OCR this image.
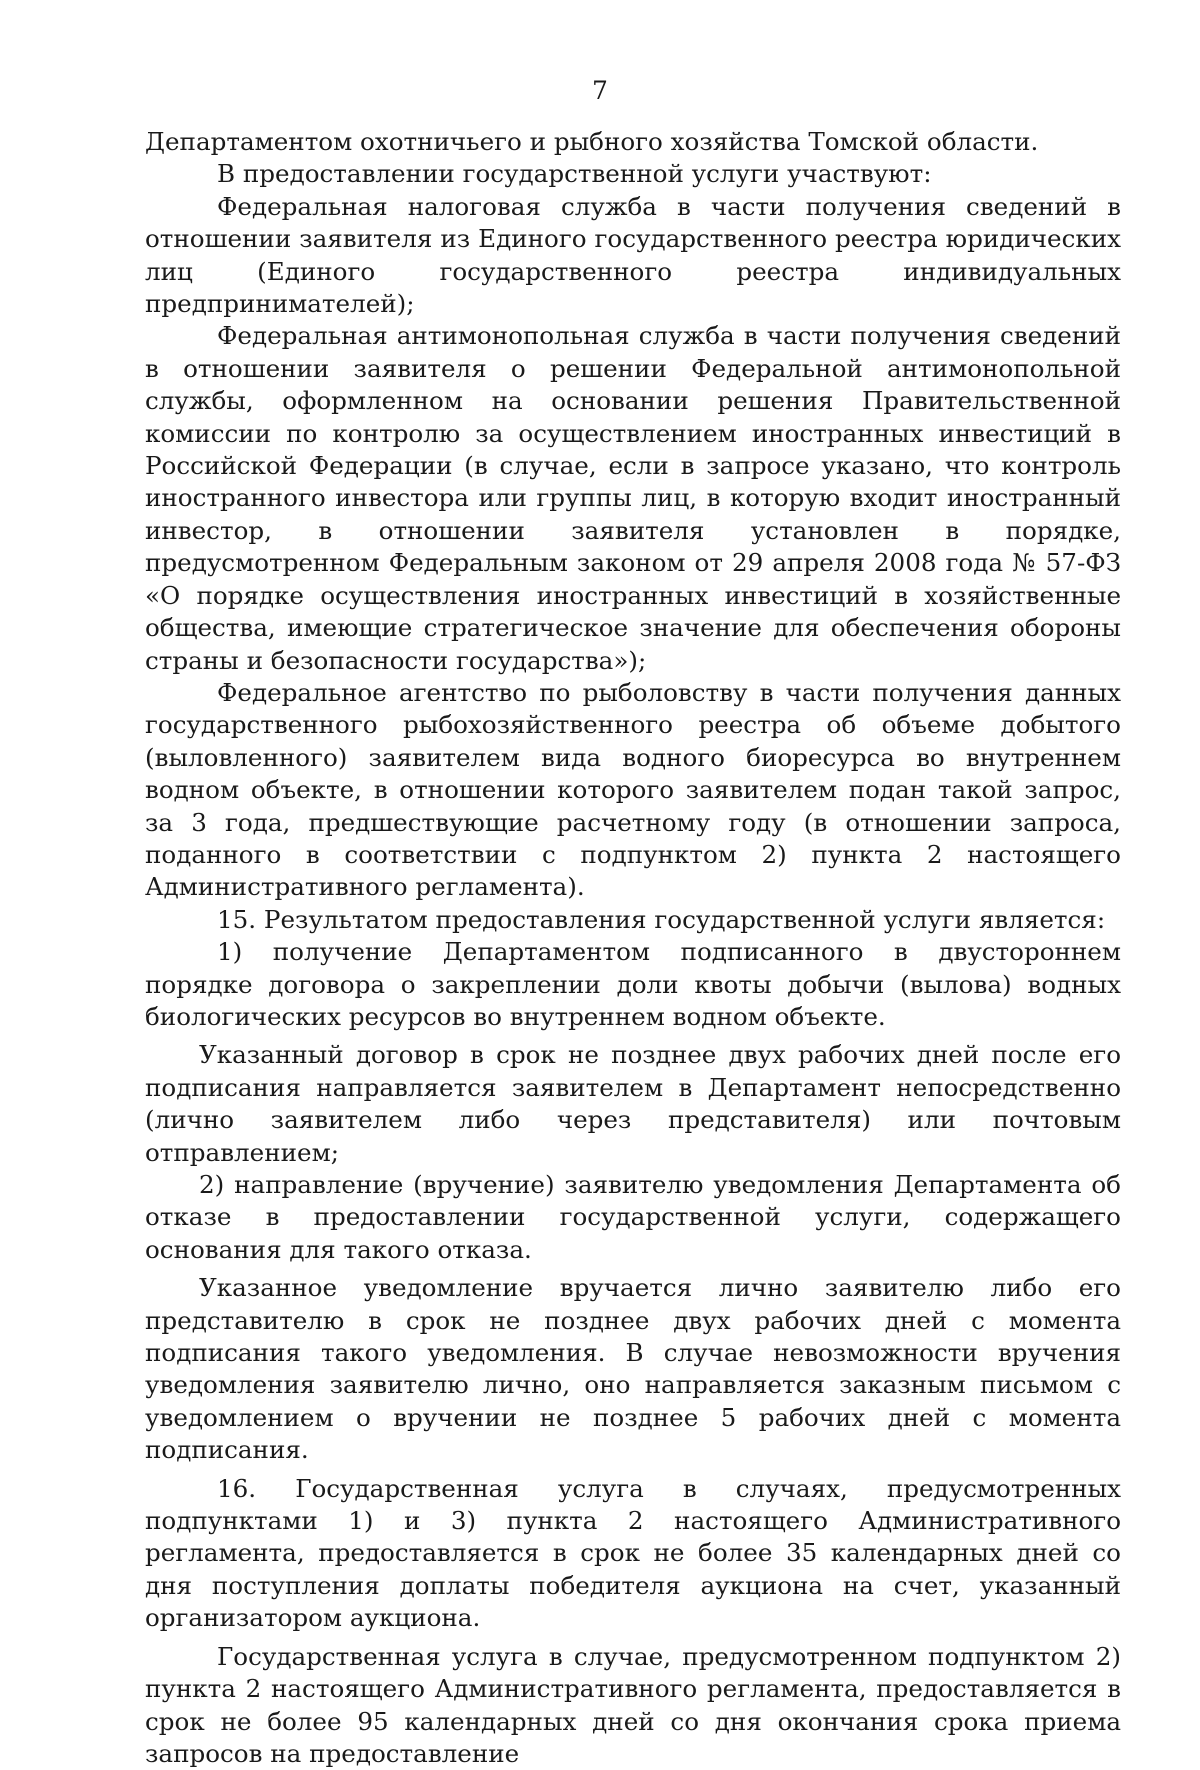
7

Департаментом охотничьего и рыбного хозяйства Томской области.

В предоставлении государственной услуги участвуют:

Федеральная налоговая служба в части получения сведений в отношении заявителя из Единого государственного реестра юридических лиц (Единого государственного реестра индивидуальных предпринимателей);

Федеральная антимонопольная служба в части получения сведений в отношении заявителя о решении Федеральной антимонопольной службы, оформленном на основании решения Правительственной комиссии по контролю за осуществлением иностранных инвестиций в Российской Федерации (в случае, если в запросе указано, что контроль иностранного инвестора или группы лиц, в которую входит иностранный инвестор, в отношении заявителя установлен в порядке, предусмотренном Федеральным законом от 29 апреля 2008 года № 57-ФЗ «О порядке осуществления иностранных инвестиций в хозяйственные общества, имеющие стратегическое значение для обеспечения обороны страны и безопасности государства»);

Федеральное агентство по рыболовству в части получения данных государственного рыбохозяйственного реестра об объеме добытого (выловленного) заявителем вида водного биоресурса во внутреннем водном объекте, в отношении которого заявителем подан такой запрос, за 3 года, предшествующие расчетному году (в отношении запроса, поданного в соответствии с подпунктом 2) пункта 2 настоящего Административного регламента).

15. Результатом предоставления государственной услуги является:

1) получение Департаментом подписанного в двустороннем порядке договора о закреплении доли квоты добычи (вылова) водных биологических ресурсов во внутреннем водном объекте.

Указанный договор в срок не позднее двух рабочих дней после его подписания направляется заявителем в Департамент непосредственно (лично заявителем либо через представителя) или почтовым отправлением;

2) направление (вручение) заявителю уведомления Департамента об отказе в предоставлении государственной услуги, содержащего основания для такого отказа.

Указанное уведомление вручается лично заявителю либо его представителю в срок не позднее двух рабочих дней с момента подписания такого уведомления. В случае невозможности вручения уведомления заявителю лично, оно направляется заказным письмом с уведомлением о вручении не позднее 5 рабочих дней с момента подписания.

16. Государственная услуга в случаях, предусмотренных подпунктами 1) и 3) пункта 2 настоящего Административного регламента, предоставляется в срок не более 35 календарных дней со дня поступления доплаты победителя аукциона на счет, указанный организатором аукциона.

Государственная услуга в случае, предусмотренном подпунктом 2) пункта 2 настоящего Административного регламента, предоставляется в срок не более 95 календарных дней со дня окончания срока приема запросов на предоставление
